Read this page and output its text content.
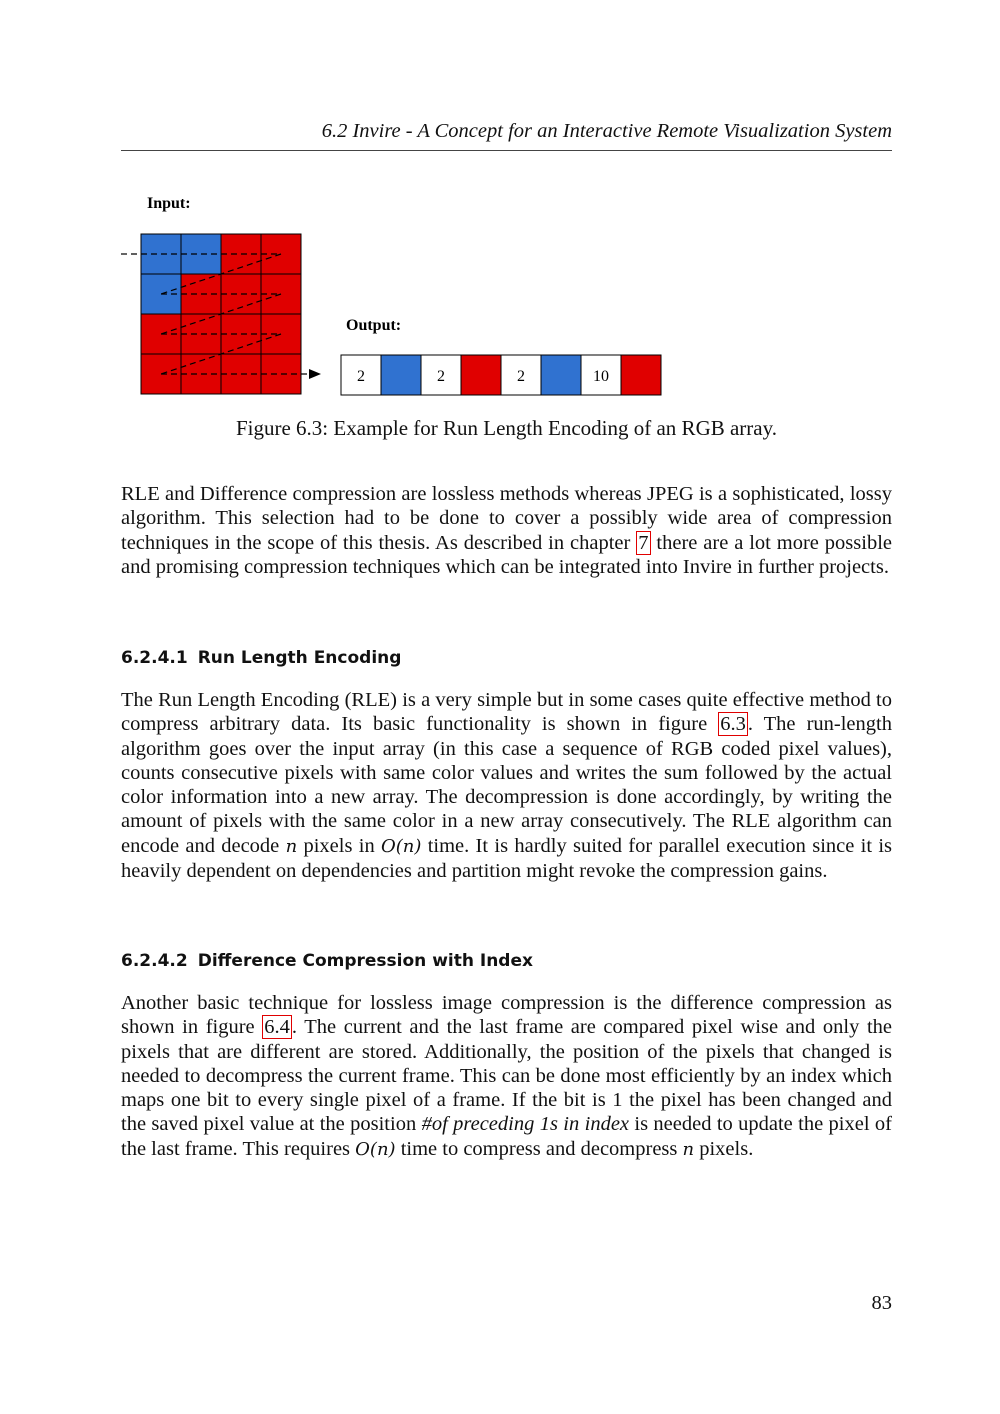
6.2 Invire - A Concept for an Interactive Remote Visualization System
Input:
Output:
2	2	2	10
Figure 6.3: Example for Run Length Encoding of an RGB array.

RLE and Difference compression are lossless methods whereas JPEG is a sophisticated, lossy algorithm. This selection had to be done to cover a possibly wide area of compression techniques in the scope of this thesis. As described in chapter 7 there are a lot more possible and promising compression techniques which can be integrated into Invire in further projects.

6.2.4.1 Run Length Encoding

The Run Length Encoding (RLE) is a very simple but in some cases quite effective method to compress arbitrary data. Its basic functionality is shown in figure 6.3. The run-length algorithm goes over the input array (in this case a sequence of RGB coded pixel values), counts consecutive pixels with same color values and writes the sum followed by the actual color information into a new array. The decompression is done accordingly, by writing the amount of pixels with the same color in a new array consecutively. The RLE algorithm can encode and decode n pixels in O(n) time. It is hardly suited for parallel execution since it is heavily dependent on dependencies and partition might revoke the compression gains.

6.2.4.2 Difference Compression with Index

Another basic technique for lossless image compression is the difference compression as shown in figure 6.4. The current and the last frame are compared pixel wise and only the pixels that are different are stored. Additionally, the position of the pixels that changed is needed to decompress the current frame. This can be done most efficiently by an index which maps one bit to every single pixel of a frame. If the bit is 1 the pixel has been changed and the saved pixel value at the position #of preceding 1s in index is needed to update the pixel of the last frame. This requires O(n) time to compress and decompress n pixels.

83
